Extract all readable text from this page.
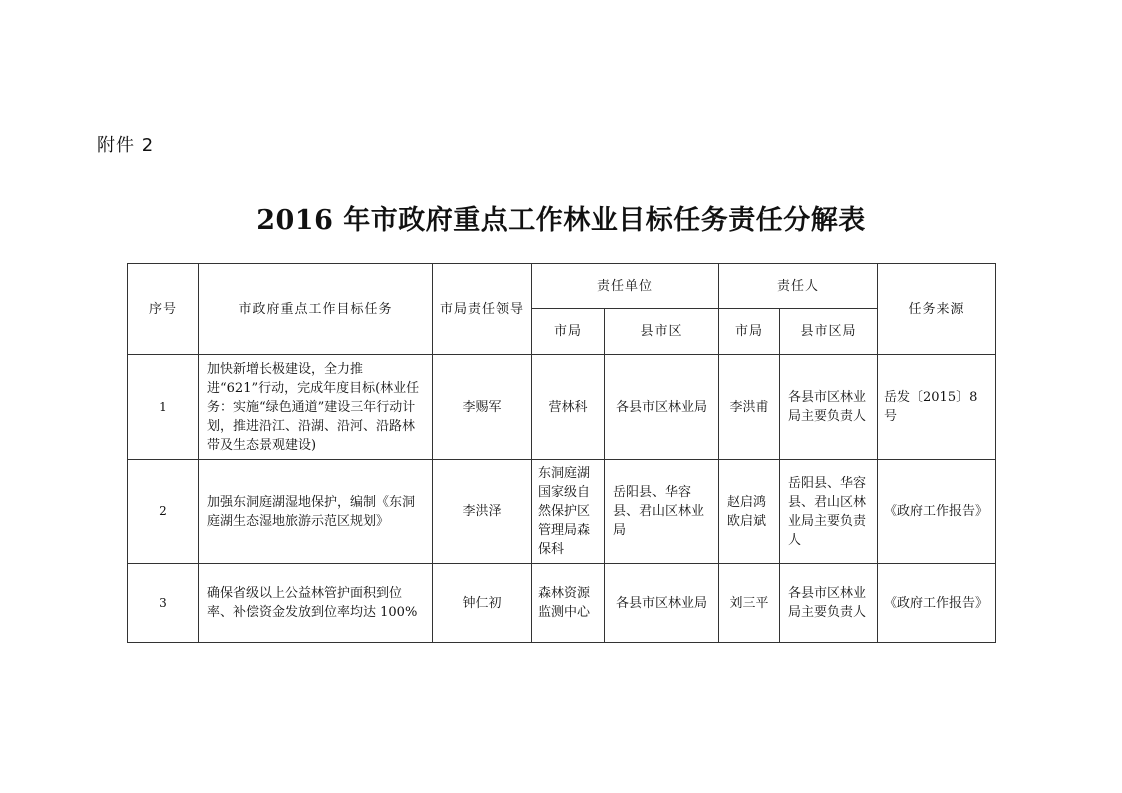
附件 2
2016 年市政府重点工作林业目标任务责任分解表
序号	市政府重点工作目标任务	市局责任领导	责任单位		责任人		任务来源
			市局	县市区	市局	县市区局	
1	加快新增长极建设，全力推进“621”行动，完成年度目标(林业任务：实施“绿色通道”建设三年行动计划，推进沿江、沿湖、沿河、沿路林带及生态景观建设)	李赐军	营林科	各县市区林业局	李洪甫	各县市区林业局主要负责人	岳发〔2015〕8 号
2	加强东洞庭湖湿地保护，编制《东洞庭湖生态湿地旅游示范区规划》	李洪泽	东洞庭湖国家级自然保护区管理局森保科	岳阳县、华容县、君山区林业局	赵启鸿欧启斌	岳阳县、华容县、君山区林业局主要负责人	《政府工作报告》
3	确保省级以上公益林管护面积到位率、补偿资金发放到位率均达 100%	钟仁初	森林资源监测中心	各县市区林业局	刘三平	各县市区林业局主要负责人	《政府工作报告》
